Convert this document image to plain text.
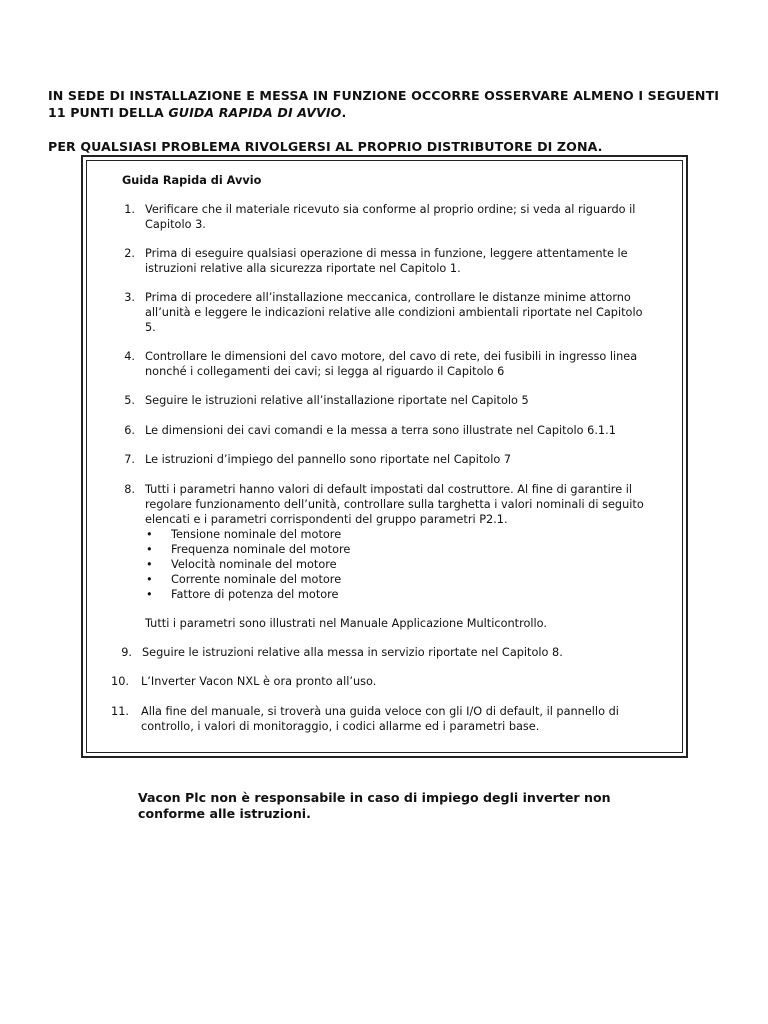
IN SEDE DI INSTALLAZIONE E MESSA IN FUNZIONE OCCORRE OSSERVARE ALMENO I SEGUENTI 11 PUNTI DELLA GUIDA RAPIDA DI AVVIO.

PER QUALSIASI PROBLEMA RIVOLGERSI AL PROPRIO DISTRIBUTORE DI ZONA.

Guida Rapida di Avvio
1. Verificare che il materiale ricevuto sia conforme al proprio ordine; si veda al riguardo il Capitolo 3.
2. Prima di eseguire qualsiasi operazione di messa in funzione, leggere attentamente le istruzioni relative alla sicurezza riportate nel Capitolo 1.
3. Prima di procedere all’installazione meccanica, controllare le distanze minime attorno all’unità e leggere le indicazioni relative alle condizioni ambientali riportate nel Capitolo 5.
4. Controllare le dimensioni del cavo motore, del cavo di rete, dei fusibili in ingresso linea nonché i collegamenti dei cavi; si legga al riguardo il Capitolo 6
5. Seguire le istruzioni relative all’installazione riportate nel Capitolo 5
6. Le dimensioni dei cavi comandi e la messa a terra sono illustrate nel Capitolo 6.1.1
7. Le istruzioni d’impiego del pannello sono riportate nel Capitolo 7
8. Tutti i parametri hanno valori di default impostati dal costruttore. Al fine di garantire il regolare funzionamento dell’unità, controllare sulla targhetta i valori nominali di seguito elencati e i parametri corrispondenti del gruppo parametri P2.1.
• Tensione nominale del motore
• Frequenza nominale del motore
• Velocità nominale del motore
• Corrente nominale del motore
• Fattore di potenza del motore
Tutti i parametri sono illustrati nel Manuale Applicazione Multicontrollo.
9. Seguire le istruzioni relative alla messa in servizio riportate nel Capitolo 8.
10. L’Inverter Vacon NXL è ora pronto all’uso.
11. Alla fine del manuale, si troverà una guida veloce con gli I/O di default, il pannello di controllo, i valori di monitoraggio, i codici allarme ed i parametri base.
Vacon Plc non è responsabile in caso di impiego degli inverter non conforme alle istruzioni.
